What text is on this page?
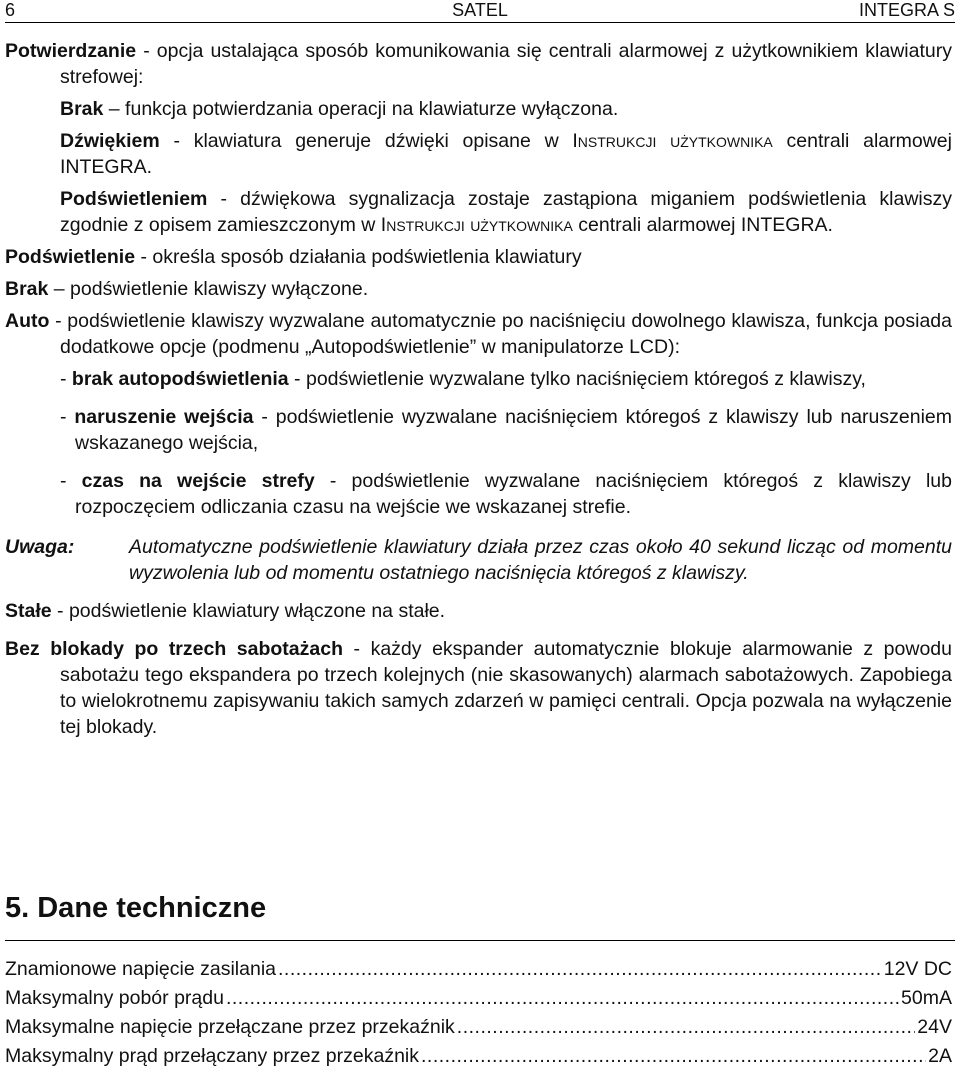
6	SATEL	INTEGRA S

Potwierdzanie - opcja ustalająca sposób komunikowania się centrali alarmowej z użytkownikiem klawiatury strefowej:

Brak – funkcja potwierdzania operacji na klawiaturze wyłączona.

Dźwiękiem - klawiatura generuje dźwięki opisane w Instrukcji użytkownika centrali alarmowej INTEGRA.

Podświetleniem - dźwiękowa sygnalizacja zostaje zastąpiona miganiem podświetlenia klawiszy zgodnie z opisem zamieszczonym w Instrukcji użytkownika centrali alarmowej INTEGRA.

Podświetlenie - określa sposób działania podświetlenia klawiatury

Brak – podświetlenie klawiszy wyłączone.

Auto - podświetlenie klawiszy wyzwalane automatycznie po naciśnięciu dowolnego klawisza, funkcja posiada dodatkowe opcje (podmenu „Autopodświetlenie” w manipulatorze LCD):

- brak autopodświetlenia - podświetlenie wyzwalane tylko naciśnięciem któregoś z klawiszy,

- naruszenie wejścia - podświetlenie wyzwalane naciśnięciem któregoś z klawiszy lub naruszeniem wskazanego wejścia,

- czas na wejście strefy - podświetlenie wyzwalane naciśnięciem któregoś z klawiszy lub rozpoczęciem odliczania czasu na wejście we wskazanej strefie.

Uwaga:	Automatyczne podświetlenie klawiatury działa przez czas około 40 sekund licząc od momentu wyzwolenia lub od momentu ostatniego naciśnięcia któregoś z klawiszy.

Stałe - podświetlenie klawiatury włączone na stałe.

Bez blokady po trzech sabotażach - każdy ekspander automatycznie blokuje alarmowanie z powodu sabotażu tego ekspandera po trzech kolejnych (nie skasowanych) alarmach sabotażowych. Zapobiega to wielokrotnemu zapisywaniu takich samych zdarzeń w pamięci centrali. Opcja pozwala na wyłączenie tej blokady.

5. Dane techniczne
Znamionowe napięcie zasilania .....	12V DC
Maksymalny pobór prądu .....	50mA
Maksymalne napięcie przełączane przez przekaźnik .....	24V
Maksymalny prąd przełączany przez przekaźnik .....	2A
